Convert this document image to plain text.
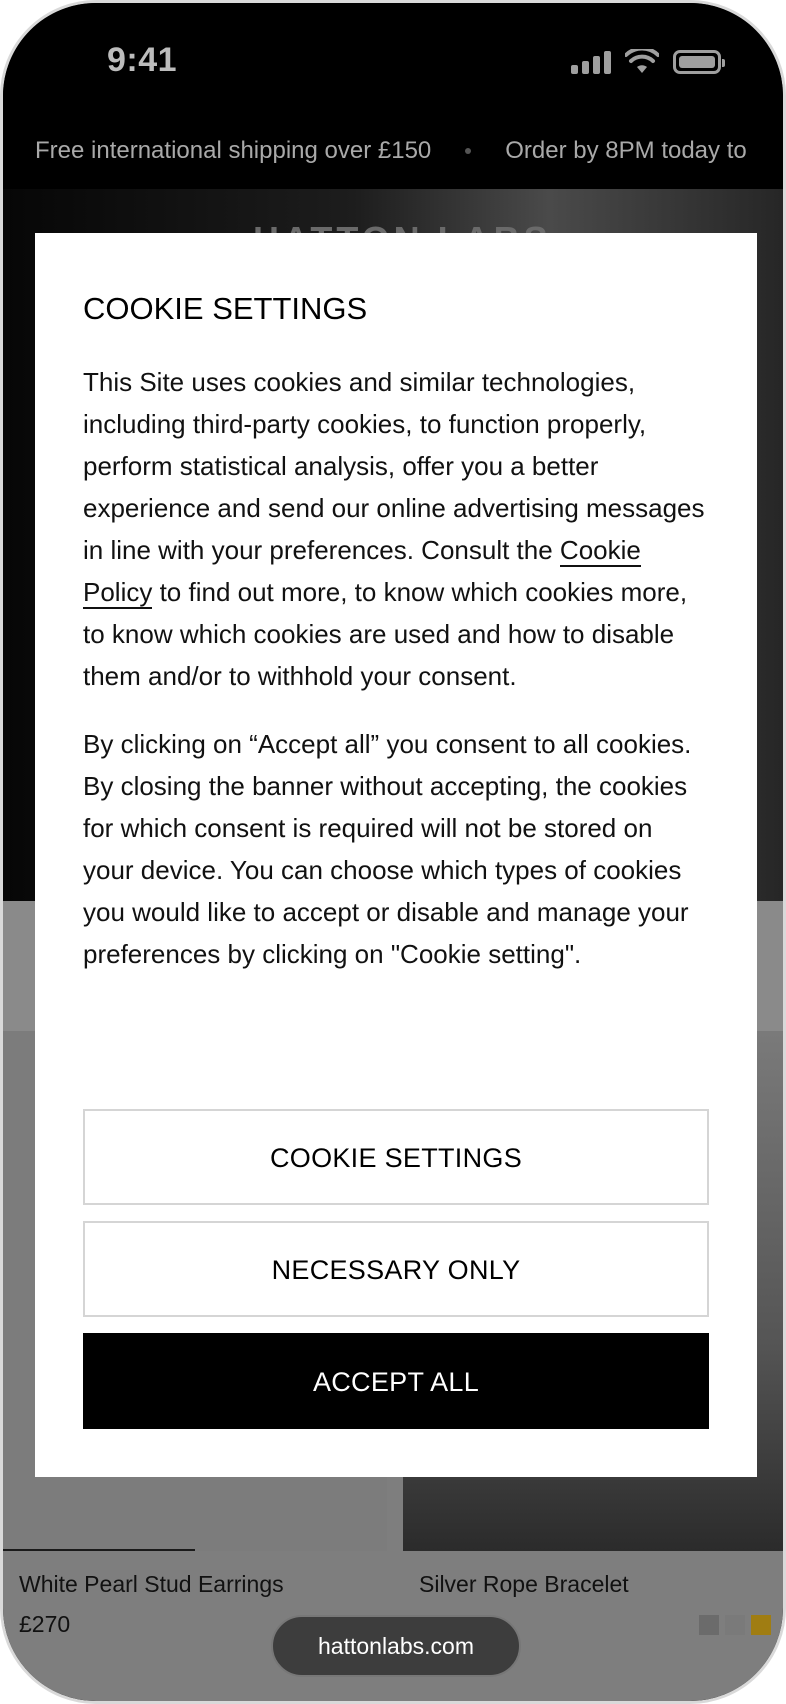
9:41
Free international shipping over £150	Order by 8PM today to
White Pearl Stud Earrings
£270
Silver Rope Bracelet
hattonlabs.com
COOKIE SETTINGS

This Site uses cookies and similar technologies, including third-party cookies, to function properly, perform statistical analysis, offer you a better experience and send our online advertising messages in line with your preferences. Consult the Cookie Policy to find out more, to know which cookies more, to know which cookies are used and how to disable them and/or to withhold your consent.

By clicking on “Accept all” you consent to all cookies. By closing the banner without accepting, the cookies for which consent is required will not be stored on your device. You can choose which types of cookies you would like to accept or disable and manage your preferences by clicking on "Cookie setting".

COOKIE SETTINGS
NECESSARY ONLY
ACCEPT ALL
